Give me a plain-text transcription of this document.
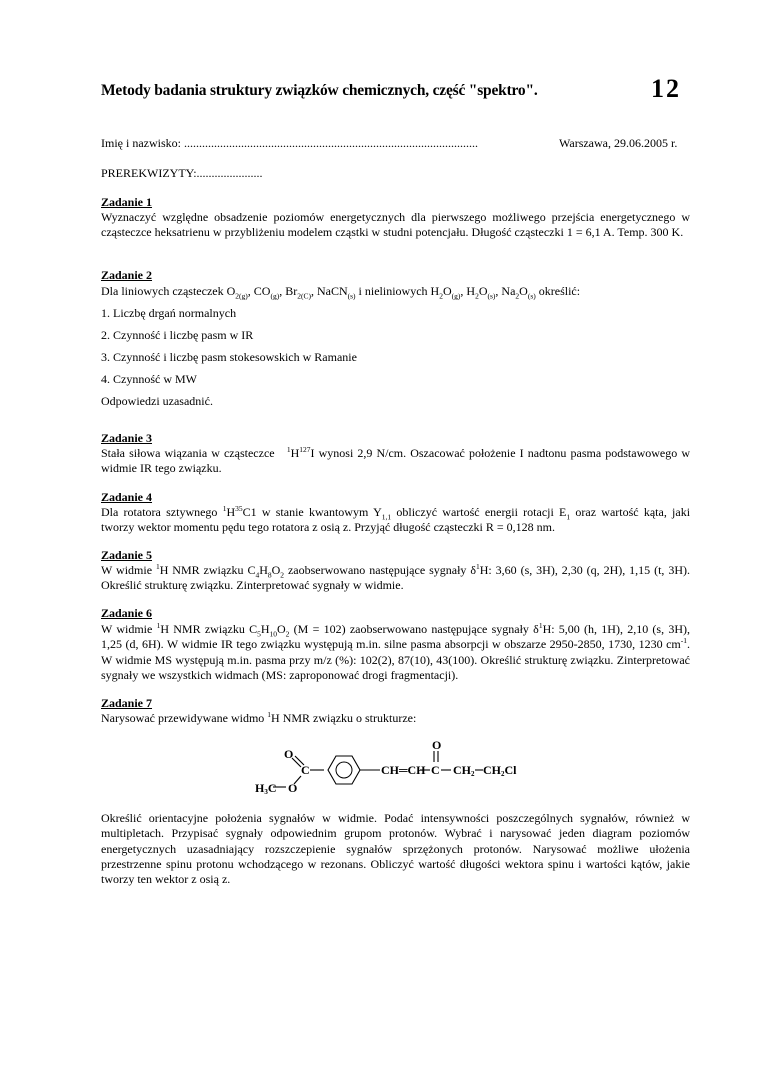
Metody badania struktury związków chemicznych, część "spektro".	12
Imię i nazwisko: ..................................................................................................	Warszawa, 29.06.2005 r.
PREREKWIZYTY:......................
Zadanie 1
Wyznaczyć względne obsadzenie poziomów energetycznych dla pierwszego możliwego przejścia energetycznego w cząsteczce heksatrienu w przybliżeniu modelem cząstki w studni potencjału. Długość cząsteczki 1 = 6,1 A. Temp. 300 K.
Zadanie 2
Dla liniowych cząsteczek $O_{2(g)}$, $CO_{(g)}$, $Br_{2(C)}$, NaCN$_{(s)}$ i nieliniowych $H_2O_{(g)}$, $H_2O_{(s)}$, $Na_2O_{(s)}$ określić:
1. Liczbę drgań normalnych
2. Czynność i liczbę pasm w IR
3. Czynność i liczbę pasm stokesowskich w Ramanie
4. Czynność w MW
Odpowiedzi uzasadnić.
Zadanie 3
Stała siłowa wiązania w cząsteczce $^1H^{127}I$ wynosi 2,9 N/cm. Oszacować położenie I nadtonu pasma podstawowego w widmie IR tego związku.
Zadanie 4
Dla rotatora sztywnego $^1H^{35}C1$ w stanie kwantowym $Y_{1,1}$ obliczyć wartość energii rotacji $E_1$ oraz wartość kąta, jaki tworzy wektor momentu pędu tego rotatora z osią z. Przyjąć długość cząsteczki R = 0,128 nm.
Zadanie 5
W widmie $^1$H NMR związku $C_4H_8O_2$ zaobserwowano następujące sygnały $\delta^1H$: 3,60 (s, 3H), 2,30 (q, 2H), 1,15 (t, 3H). Określić strukturę związku. Zinterpretować sygnały w widmie.
Zadanie 6
W widmie $^1$H NMR związku $C_5H_{10}O_2$ (M = 102) zaobserwowano następujące sygnały $\delta^1H$: 5,00 (h, 1H), 2,10 (s, 3H), 1,25 (d, 6H). W widmie IR tego związku występują m.in. silne pasma absorpcji w obszarze 2950-2850, 1730, 1230 $cm^{-1}$. W widmie MS występują m.in. pasma przy m/z (%): 102(2), 87(10), 43(100). Określić strukturę związku. Zinterpretować sygnały we wszystkich widmach (MS: zaproponować drogi fragmentacji).
Zadanie 7
Narysować przewidywane widmo $^1$H NMR związku o strukturze:
O
C
O
H3C
CH═CH C
O
CH2 CH2Cl
Określić orientacyjne położenia sygnałów w widmie. Podać intensywności poszczególnych sygnałów, również w multipletach. Przypisać sygnały odpowiednim grupom protonów. Wybrać i narysować jeden diagram poziomów energetycznych uzasadniający rozszczepienie sygnałów sprzężonych protonów. Narysować możliwe ułożenia przestrzenne spinu protonu wchodzącego w rezonans. Obliczyć wartość długości wektora spinu i wartości kątów, jakie tworzy ten wektor z osią z.
